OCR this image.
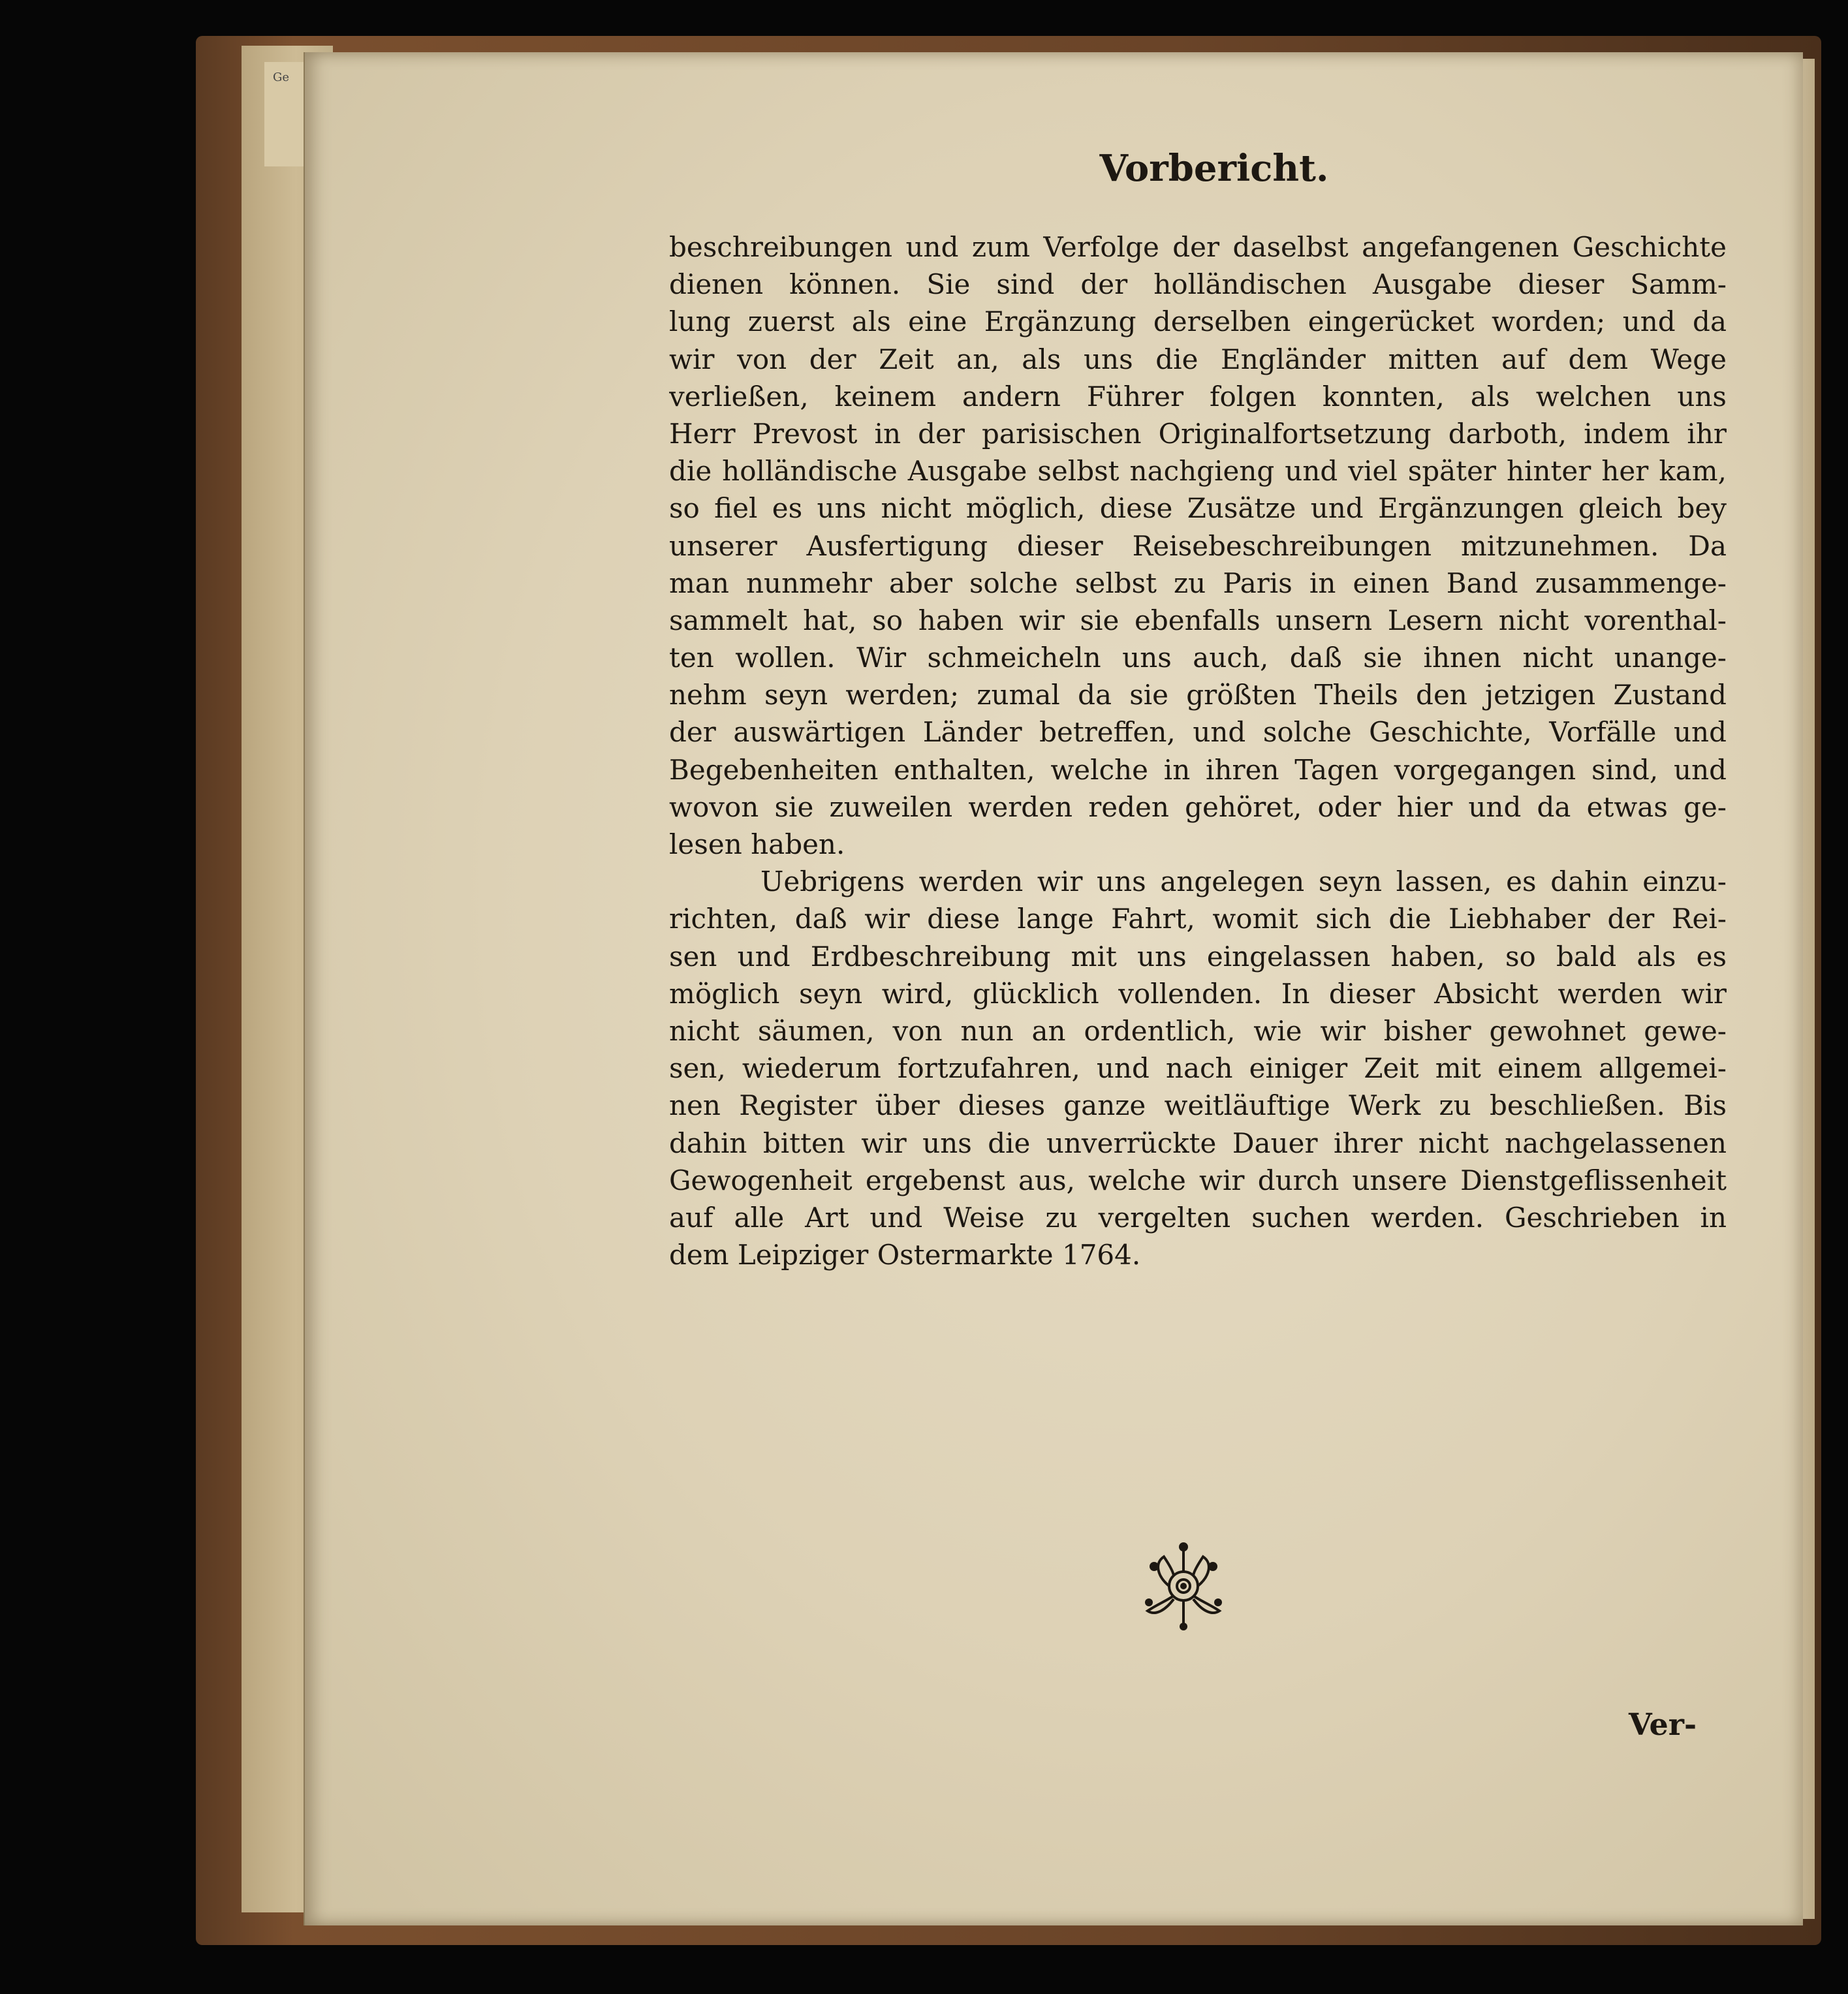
Ge
Vorbericht.
beschreibungen und zum Verfolge der daselbst angefangenen Geschichte
dienen können. Sie sind der holländischen Ausgabe dieser Samm-
lung zuerst als eine Ergänzung derselben eingerücket worden; und da
wir von der Zeit an, als uns die Engländer mitten auf dem Wege
verließen, keinem andern Führer folgen konnten, als welchen uns
Herr Prevost in der parisischen Originalfortsetzung darboth, indem ihr
die holländische Ausgabe selbst nachgieng und viel später hinter her kam,
so fiel es uns nicht möglich, diese Zusätze und Ergänzungen gleich bey
unserer Ausfertigung dieser Reisebeschreibungen mitzunehmen. Da
man nunmehr aber solche selbst zu Paris in einen Band zusammenge-
sammelt hat, so haben wir sie ebenfalls unsern Lesern nicht vorenthal-
ten wollen. Wir schmeicheln uns auch, daß sie ihnen nicht unange-
nehm seyn werden; zumal da sie größten Theils den jetzigen Zustand
der auswärtigen Länder betreffen, und solche Geschichte, Vorfälle und
Begebenheiten enthalten, welche in ihren Tagen vorgegangen sind, und
wovon sie zuweilen werden reden gehöret, oder hier und da etwas ge-
lesen haben.
Uebrigens werden wir uns angelegen seyn lassen, es dahin einzu-
richten, daß wir diese lange Fahrt, womit sich die Liebhaber der Rei-
sen und Erdbeschreibung mit uns eingelassen haben, so bald als es
möglich seyn wird, glücklich vollenden. In dieser Absicht werden wir
nicht säumen, von nun an ordentlich, wie wir bisher gewohnet gewe-
sen, wiederum fortzufahren, und nach einiger Zeit mit einem allgemei-
nen Register über dieses ganze weitläuftige Werk zu beschließen. Bis
dahin bitten wir uns die unverrückte Dauer ihrer nicht nachgelassenen
Gewogenheit ergebenst aus, welche wir durch unsere Dienstgeflissenheit
auf alle Art und Weise zu vergelten suchen werden. Geschrieben in
dem Leipziger Ostermarkte 1764.
Ver-
